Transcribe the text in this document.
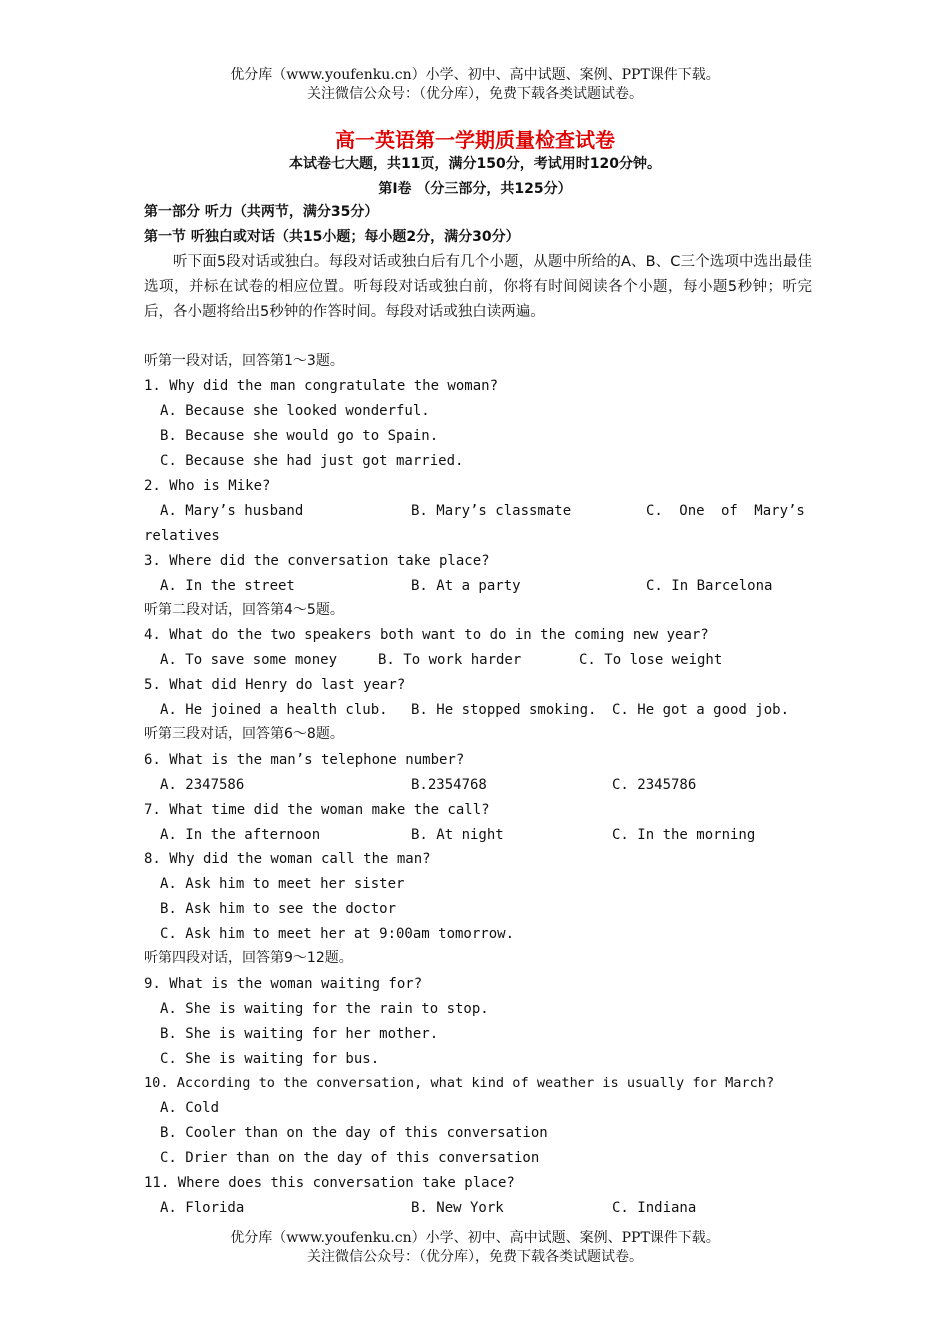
优分库（www.youfenku.cn）小学、初中、高中试题、案例、PPT课件下载。
关注微信公众号：（优分库），免费下载各类试题试卷。
高一英语第一学期质量检查试卷
本试卷七大题，共11页，满分150分，考试用时120分钟。
第Ⅰ卷 （分三部分，共125分）
第一部分 听力（共两节，满分35分）
第一节 听独白或对话（共15小题；每小题2分，满分30分）
听下面5段对话或独白。每段对话或独白后有几个小题，从题中所给的A、B、C三个选项中选出最佳选项，并标在试卷的相应位置。听每段对话或独白前，你将有时间阅读各个小题，每小题5秒钟；听完后，各小题将给出5秒钟的作答时间。每段对话或独白读两遍。
听第一段对话，回答第1～3题。
1. Why did the man congratulate the woman?
A. Because she looked wonderful.
B. Because she would go to Spain.
C. Because she had just got married.
2. Who is Mike?
A. Mary’s husband	B. Mary’s classmate	C. One of Mary’s
relatives
3. Where did the conversation take place?
A. In the street	B. At a party	C. In Barcelona
听第二段对话，回答第4～5题。
4. What do the two speakers both want to do in the coming new year?
A. To save some money	B. To work harder	C. To lose weight
5. What did Henry do last year?
A. He joined a health club. B. He stopped smoking. C. He got a good job.
听第三段对话，回答第6～8题。
6. What is the man’s telephone number?
A. 2347586	B.2354768	C. 2345786
7. What time did the woman make the call?
A. In the afternoon	B. At night	C. In the morning
8. Why did the woman call the man?
A. Ask him to meet her sister
B. Ask him to see the doctor
C. Ask him to meet her at 9:00am tomorrow.
听第四段对话，回答第9～12题。
9. What is the woman waiting for?
A. She is waiting for the rain to stop.
B. She is waiting for her mother.
C. She is waiting for bus.
10. According to the conversation, what kind of weather is usually for March?
A. Cold
B. Cooler than on the day of this conversation
C. Drier than on the day of this conversation
11. Where does this conversation take place?
A. Florida	B. New York	C. Indiana
优分库（www.youfenku.cn）小学、初中、高中试题、案例、PPT课件下载。
关注微信公众号：（优分库），免费下载各类试题试卷。
